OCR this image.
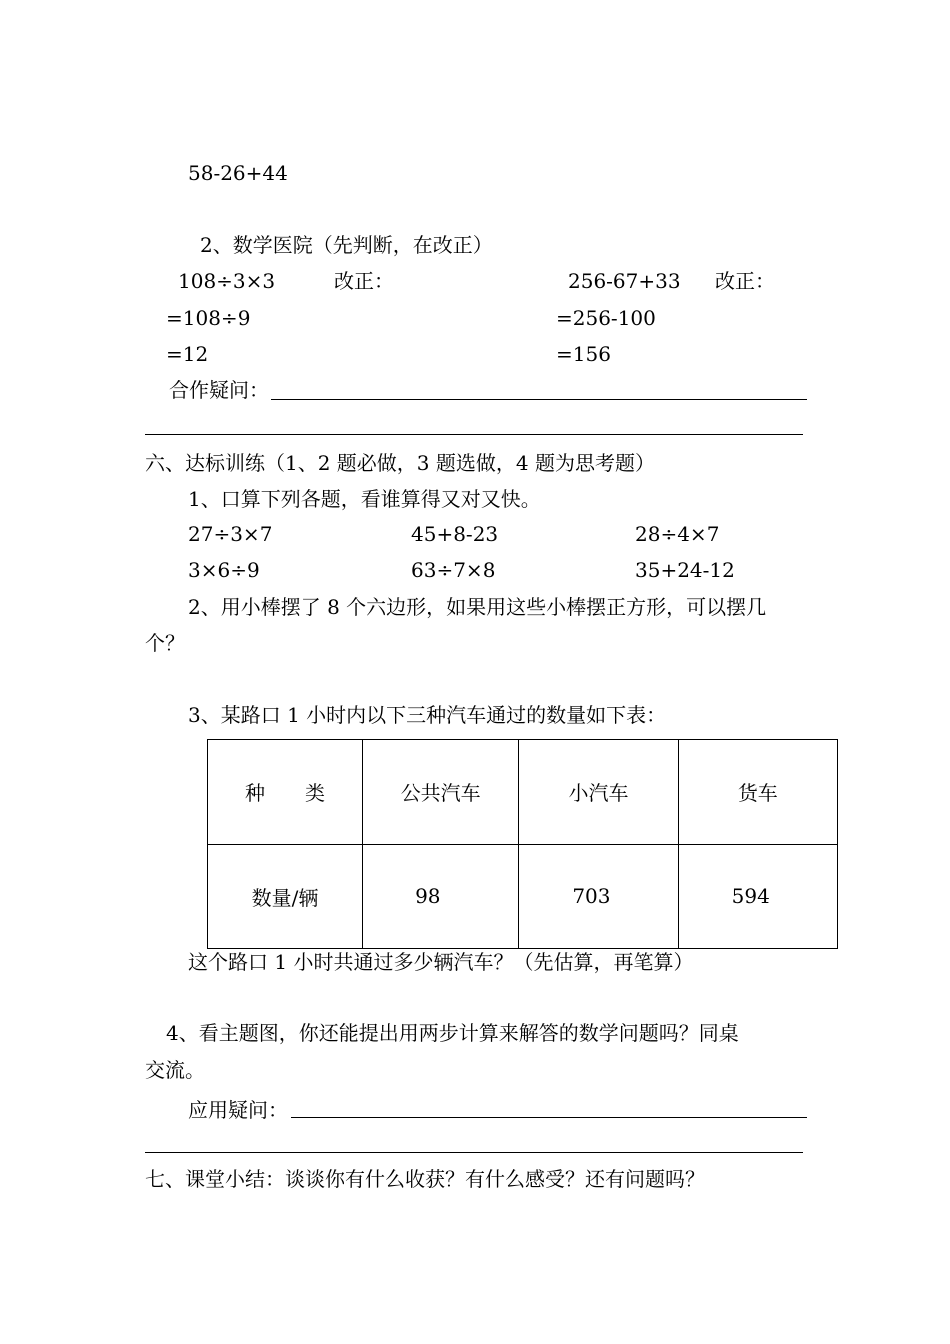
58-26+44
2、数学医院（先判断，在改正）
108÷3×3	改正：	256-67+33 改正：
=108÷9	=256-100
=12	=156
合作疑问：
六、达标训练（1、2 题必做，3 题选做，4 题为思考题）
1、口算下列各题，看谁算得又对又快。
27÷3×7	45+8-23	28÷4×7
3×6÷9	63÷7×8	35+24-12
2、用小棒摆了 8 个六边形，如果用这些小棒摆正方形，可以摆几
个？
3、某路口 1 小时内以下三种汽车通过的数量如下表：
种　　类	公共汽车	小汽车	货车

数量/辆	98	703	594
这个路口 1 小时共通过多少辆汽车？（先估算，再笔算）
4、看主题图，你还能提出用两步计算来解答的数学问题吗？同桌
交流。
应用疑问：
七、课堂小结：谈谈你有什么收获？有什么感受？还有问题吗？
